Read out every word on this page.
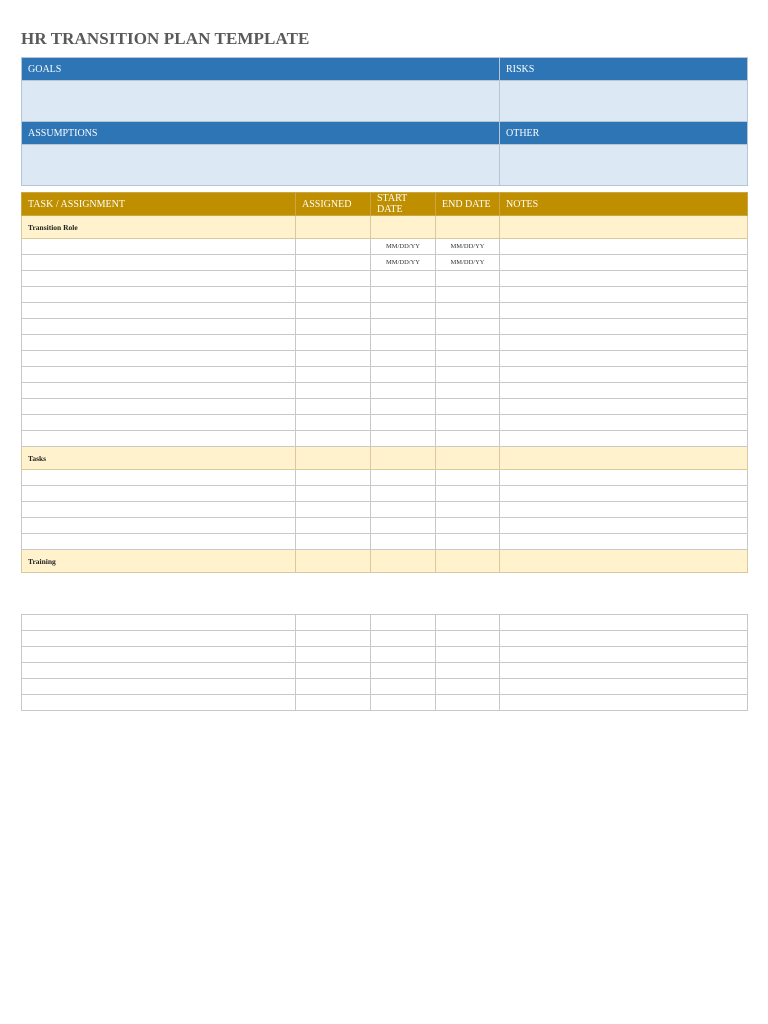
HR TRANSITION PLAN TEMPLATE
GOALS	RISKS

ASSUMPTIONS	OTHER

TASK / ASSIGNMENT	ASSIGNED	START DATE	END DATE	NOTES
Transition Role				
		MM/DD/YY	MM/DD/YY	
		MM/DD/YY	MM/DD/YY	

Tasks				

Training				
